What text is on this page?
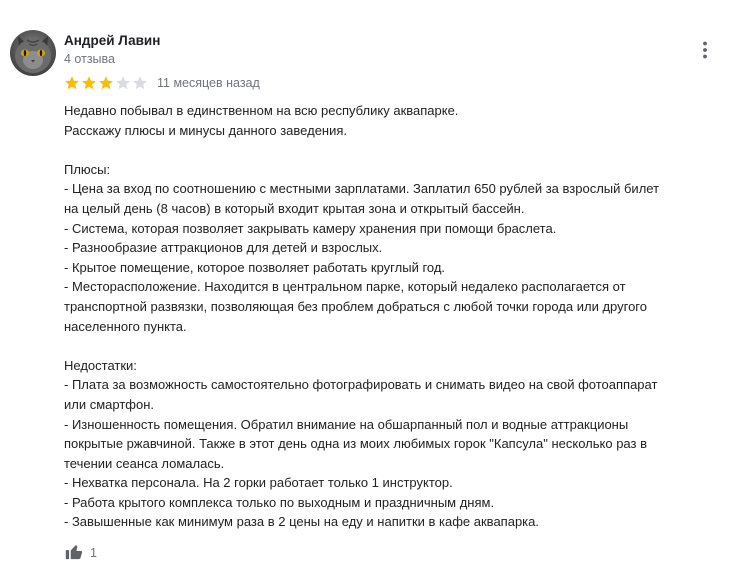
Андрей Лавин
4 отзыва
11 месяцев назад

Недавно побывал в единственном на всю республику аквапарке.

Расскажу плюсы и минусы данного заведения.

Плюсы:

- Цена за вход по соотношению с местными зарплатами. Заплатил 650 рублей за взрослый билет

на целый день (8 часов) в который входит крытая зона и открытый бассейн.

- Система, которая позволяет закрывать камеру хранения при помощи браслета.

- Разнообразие аттракционов для детей и взрослых.

- Крытое помещение, которое позволяет работать круглый год.

- Месторасположение. Находится в центральном парке, который недалеко располагается от

транспортной развязки, позволяющая без проблем добраться с любой точки города или другого

населенного пункта.

Недостатки:

- Плата за возможность самостоятельно фотографировать и снимать видео на свой фотоаппарат

или смартфон.

- Изношенность помещения. Обратил внимание на обшарпанный пол и водные аттракционы

покрытые ржавчиной. Также в этот день одна из моих любимых горок "Капсула" несколько раз в

течении сеанса ломалась.

- Нехватка персонала. На 2 горки работает только 1 инструктор.

- Работа крытого комплекса только по выходным и праздничным дням.

- Завышенные как минимум раза в 2 цены на еду и напитки в кафе аквапарка.

1
